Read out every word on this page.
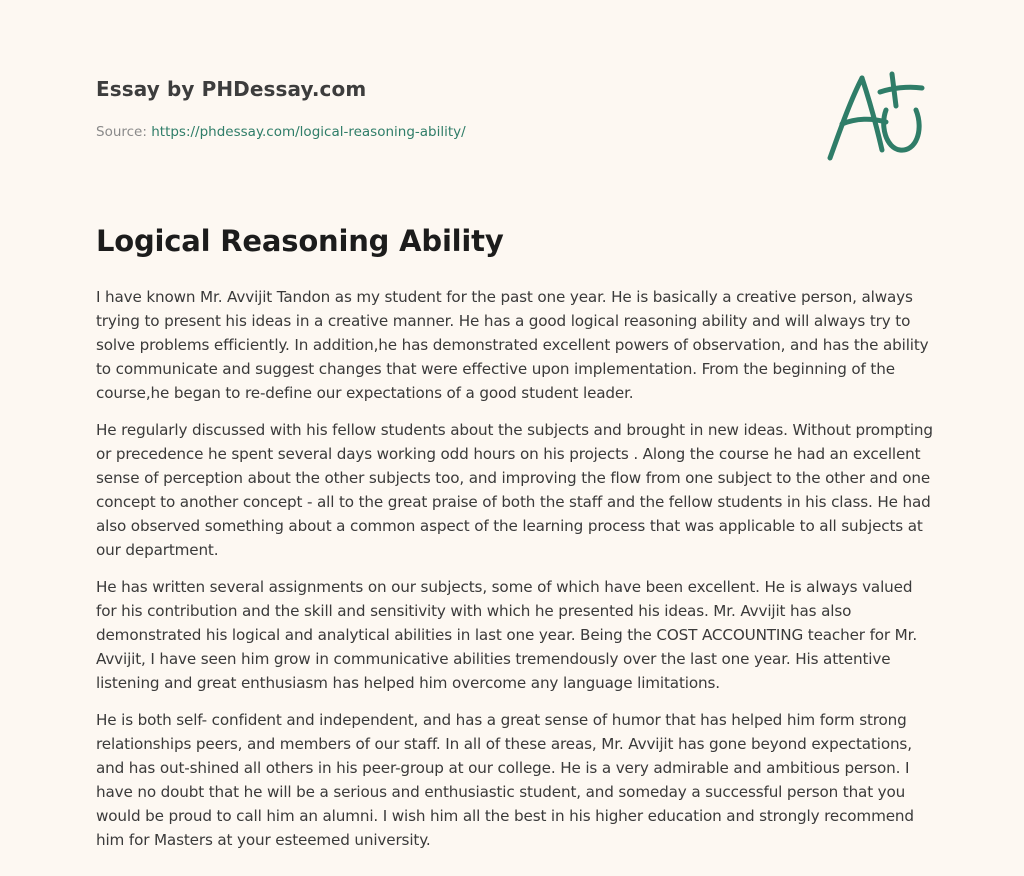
Essay by PHDessay.com
Source: https://phdessay.com/logical-reasoning-ability/
Logical Reasoning Ability

I have known Mr. Avvijit Tandon as my student for the past one year. He is basically a creative person, always trying to present his ideas in a creative manner. He has a good logical reasoning ability and will always try to solve problems efficiently. In addition,he has demonstrated excellent powers of observation, and has the ability to communicate and suggest changes that were effective upon implementation. From the beginning of the course,he began to re-define our expectations of a good student leader.

He regularly discussed with his fellow students about the subjects and brought in new ideas. Without prompting or precedence he spent several days working odd hours on his projects . Along the course he had an excellent sense of perception about the other subjects too, and improving the flow from one subject to the other and one concept to another concept - all to the great praise of both the staff and the fellow students in his class. He had also observed something about a common aspect of the learning process that was applicable to all subjects at our department.

He has written several assignments on our subjects, some of which have been excellent. He is always valued for his contribution and the skill and sensitivity with which he presented his ideas. Mr. Avvijit has also demonstrated his logical and analytical abilities in last one year. Being the COST ACCOUNTING teacher for Mr. Avvijit, I have seen him grow in communicative abilities tremendously over the last one year. His attentive listening and great enthusiasm has helped him overcome any language limitations.

He is both self- confident and independent, and has a great sense of humor that has helped him form strong relationships peers, and members of our staff. In all of these areas, Mr. Avvijit has gone beyond expectations, and has out-shined all others in his peer-group at our college. He is a very admirable and ambitious person. I have no doubt that he will be a serious and enthusiastic student, and someday a successful person that you would be proud to call him an alumni. I wish him all the best in his higher education and strongly recommend him for Masters at your esteemed university.
